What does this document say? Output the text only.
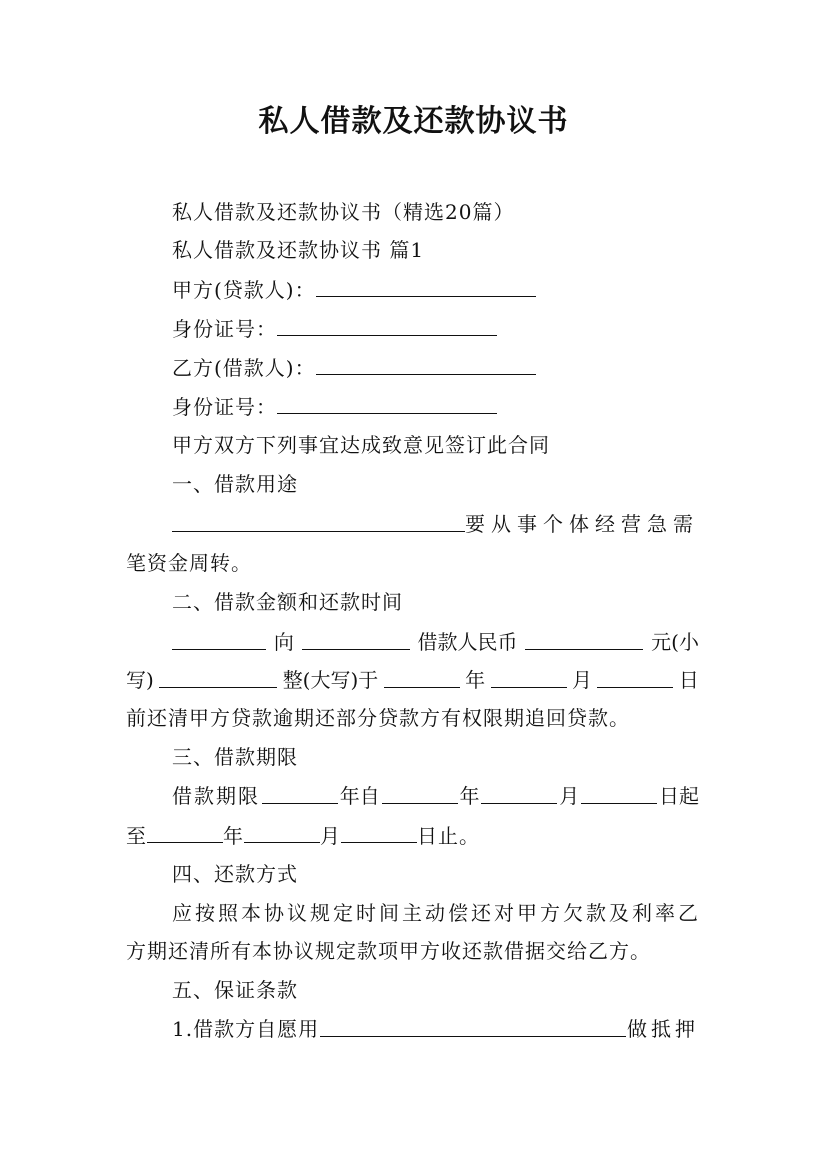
私人借款及还款协议书
私人借款及还款协议书（精选20篇）
私人借款及还款协议书 篇1
甲方(贷款人)：
身份证号：
乙方(借款人)：
身份证号：
甲方双方下列事宜达成致意见签订此合同
一、借款用途
要从事个体经营急需
笔资金周转。
二、借款金额和还款时间
向	借款人民币	元(小
写)	整(大写)于	年	月	日
前还清甲方贷款逾期还部分贷款方有权限期追回贷款。
三、借款期限
借款期限	年自	年	月	日起
至	年	月	日止。
四、还款方式
应按照本协议规定时间主动偿还对甲方欠款及利率乙
方期还清所有本协议规定款项甲方收还款借据交给乙方。
五、保证条款
1.借款方自愿用	做抵押
